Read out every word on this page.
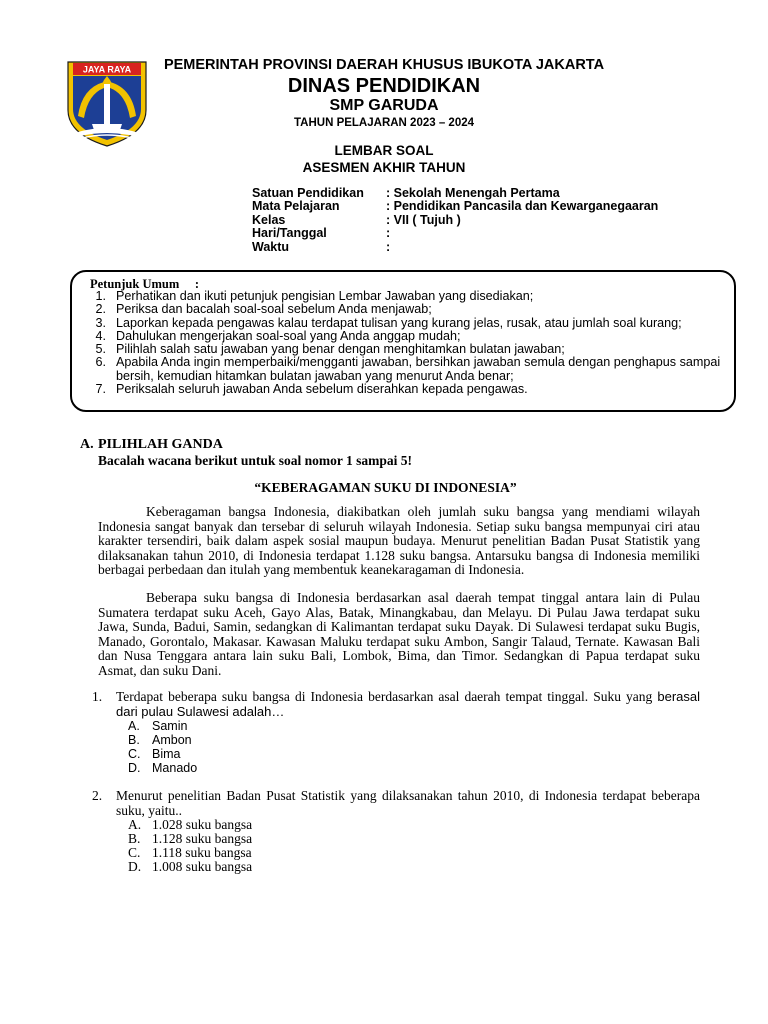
JAYA RAYA	PEMERINTAH PROVINSI DAERAH KHUSUS IBUKOTA JAKARTA
DINAS PENDIDIKAN
SMP GARUDA
TAHUN PELAJARAN 2023 – 2024
LEMBAR SOAL
ASESMEN AKHIR TAHUN
Satuan Pendidikan : Sekolah Menengah Pertama
Mata Pelajaran	: Pendidikan Pancasila dan Kewarganegaaran
Kelas	: VII ( Tujuh )
Hari/Tanggal	:
Waktu	:
Petunjuk Umum     :
1. Perhatikan dan ikuti petunjuk pengisian Lembar Jawaban yang disediakan;
2. Periksa dan bacalah soal-soal sebelum Anda menjawab;
3. Laporkan kepada pengawas kalau terdapat tulisan yang kurang jelas, rusak, atau jumlah soal kurang;
4. Dahulukan mengerjakan soal-soal yang Anda anggap mudah;
5. Pilihlah salah satu jawaban yang benar dengan menghitamkan bulatan jawaban;
6. Apabila Anda ingin memperbaiki/mengganti jawaban, bersihkan jawaban semula dengan penghapus sampai bersih, kemudian hitamkan bulatan jawaban yang menurut Anda benar;
7. Periksalah seluruh jawaban Anda sebelum diserahkan kepada pengawas.
A. PILIHLAH GANDA
Bacalah wacana berikut untuk soal nomor 1 sampai 5!
“KEBERAGAMAN SUKU DI INDONESIA”

Keberagaman bangsa Indonesia, diakibatkan oleh jumlah suku bangsa yang mendiami wilayah Indonesia sangat banyak dan tersebar di seluruh wilayah Indonesia. Setiap suku bangsa mempunyai ciri atau karakter tersendiri, baik dalam aspek sosial maupun budaya. Menurut penelitian Badan Pusat Statistik yang dilaksanakan tahun 2010, di Indonesia terdapat 1.128 suku bangsa. Antarsuku bangsa di Indonesia memiliki berbagai perbedaan dan itulah yang membentuk keanekaragaman di Indonesia.

Beberapa suku bangsa di Indonesia berdasarkan asal daerah tempat tinggal antara lain di Pulau Sumatera terdapat suku Aceh, Gayo Alas, Batak, Minangkabau, dan Melayu. Di Pulau Jawa terdapat suku Jawa, Sunda, Badui, Samin, sedangkan di Kalimantan terdapat suku Dayak. Di Sulawesi terdapat suku Bugis, Manado, Gorontalo, Makasar. Kawasan Maluku terdapat suku Ambon, Sangir Talaud, Ternate. Kawasan Bali dan Nusa Tenggara antara lain suku Bali, Lombok, Bima, dan Timor. Sedangkan di Papua terdapat suku Asmat, dan suku Dani.

1. Terdapat beberapa suku bangsa di Indonesia berdasarkan asal daerah tempat tinggal. Suku yang berasal dari pulau Sulawesi adalah…
A. Samin
B. Ambon
C. Bima
D. Manado
2. Menurut penelitian Badan Pusat Statistik yang dilaksanakan tahun 2010, di Indonesia terdapat beberapa suku, yaitu..
A. 1.028 suku bangsa
B. 1.128 suku bangsa
C. 1.118 suku bangsa
D. 1.008 suku bangsa
